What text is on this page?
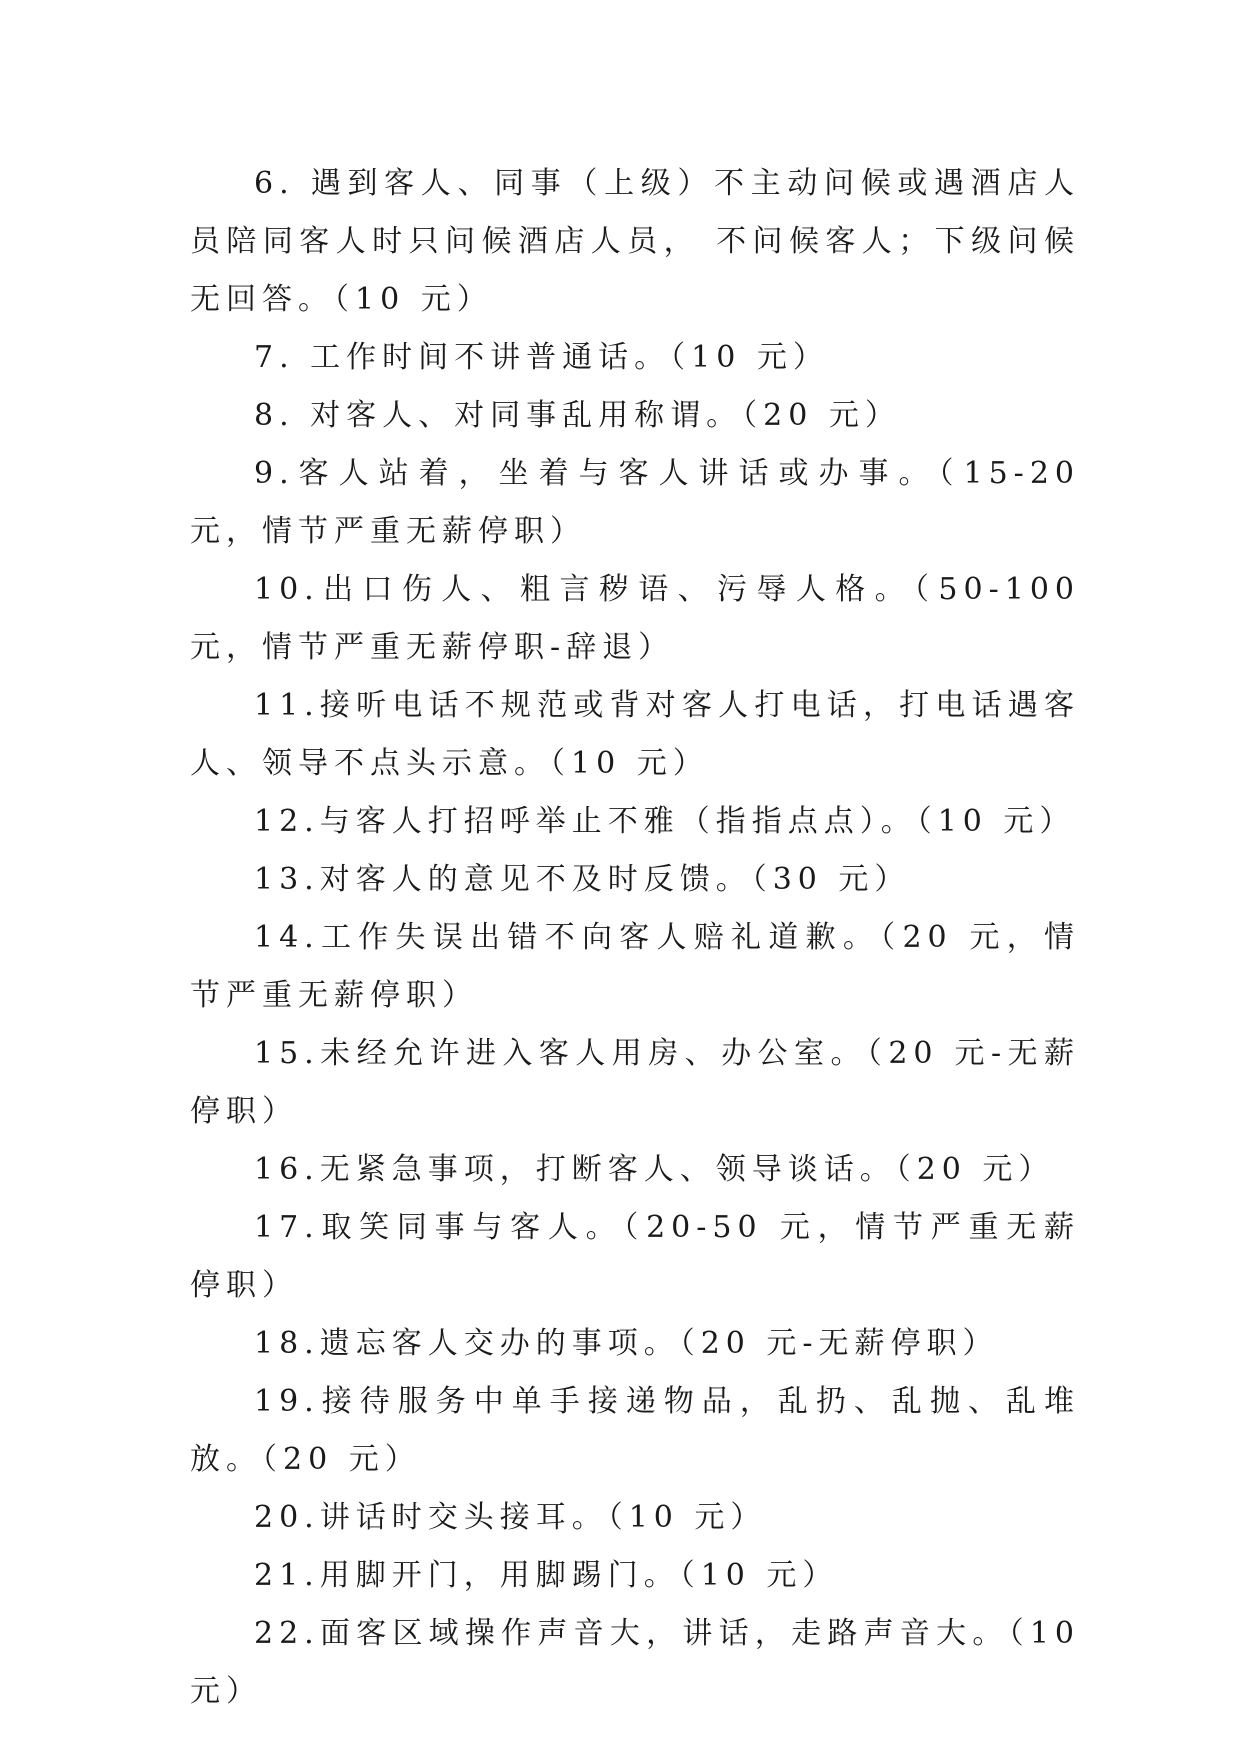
6. 遇到客人、同事（上级）不主动问候或遇酒店人员陪同客人时只问候酒店人员， 不问候客人；下级问候无回答。（10 元）

7. 工作时间不讲普通话。（10 元）

8. 对客人、对同事乱用称谓。（20 元）

9.客人站着，坐着与客人讲话或办事。（15-20 元，情节严重无薪停职）

10.出口伤人、粗言秽语、污辱人格。（50-100 元，情节严重无薪停职-辞退）

11.接听电话不规范或背对客人打电话，打电话遇客人、领导不点头示意。（10 元）

12.与客人打招呼举止不雅（指指点点）。（10 元）

13.对客人的意见不及时反馈。（30 元）

14.工作失误出错不向客人赔礼道歉。（20 元，情节严重无薪停职）

15.未经允许进入客人用房、办公室。（20 元-无薪停职）

16.无紧急事项，打断客人、领导谈话。（20 元）

17.取笑同事与客人。（20-50 元，情节严重无薪停职）

18.遗忘客人交办的事项。（20 元-无薪停职）

19.接待服务中单手接递物品，乱扔、乱抛、乱堆放。（20 元）

20.讲话时交头接耳。（10 元）

21.用脚开门，用脚踢门。（10 元）

22.面客区域操作声音大，讲话，走路声音大。（10 元）
